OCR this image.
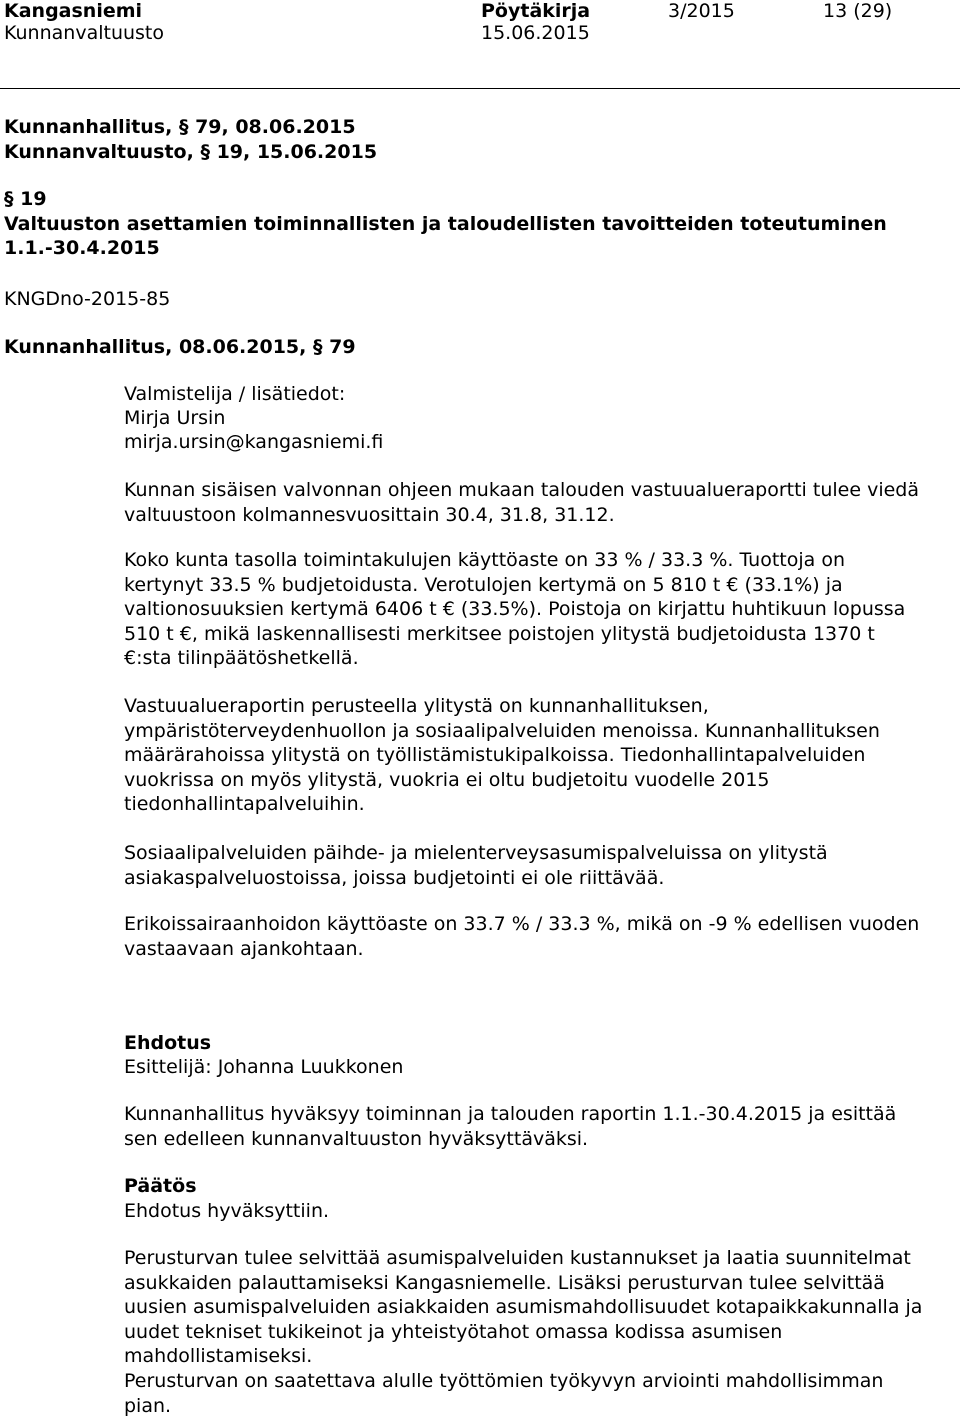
Kangasniemi	Pöytäkirja	3/2015	13 (29)
Kunnanvaltuusto	15.06.2015
Kunnanhallitus, § 79, 08.06.2015
Kunnanvaltuusto, § 19, 15.06.2015
§ 19
Valtuuston asettamien toiminnallisten ja taloudellisten tavoitteiden toteutuminen
1.1.-30.4.2015
KNGDno-2015-85
Kunnanhallitus, 08.06.2015, § 79
Valmistelija / lisätiedot:
Mirja Ursin
mirja.ursin@kangasniemi.fi

Kunnan sisäisen valvonnan ohjeen mukaan talouden vastuualueraportti tulee viedä valtuustoon kolmannesvuosittain 30.4, 31.8, 31.12.

Koko kunta tasolla toimintakulujen käyttöaste on 33 % / 33.3 %. Tuottoja on kertynyt 33.5 % budjetoidusta. Verotulojen kertymä on 5 810 t € (33.1%) ja valtionosuuksien kertymä 6406 t € (33.5%). Poistoja on kirjattu huhtikuun lopussa 510 t €, mikä laskennallisesti merkitsee poistojen ylitystä budjetoidusta 1370 t €:sta tilinpäätöshetkellä.

Vastuualueraportin perusteella ylitystä on kunnanhallituksen, ympäristöterveydenhuollon ja sosiaalipalveluiden menoissa. Kunnanhallituksen määrärahoissa ylitystä on työllistämistukipalkoissa. Tiedonhallintapalveluiden vuokrissa on myös ylitystä, vuokria ei oltu budjetoitu vuodelle 2015 tiedonhallintapalveluihin.

Sosiaalipalveluiden päihde- ja mielenterveysasumispalveluissa on ylitystä asiakaspalveluostoissa, joissa budjetointi ei ole riittävää.

Erikoissairaanhoidon käyttöaste on 33.7 % / 33.3 %, mikä on -9 % edellisen vuoden vastaavaan ajankohtaan.

Ehdotus
Esittelijä: Johanna Luukkonen

Kunnanhallitus hyväksyy toiminnan ja talouden raportin 1.1.-30.4.2015 ja esittää sen edelleen kunnanvaltuuston hyväksyttäväksi.

Päätös
Ehdotus hyväksyttiin.

Perusturvan tulee selvittää asumispalveluiden kustannukset ja laatia suunnitelmat asukkaiden palauttamiseksi Kangasniemelle. Lisäksi perusturvan tulee selvittää uusien asumispalveluiden asiakkaiden asumismahdollisuudet kotapaikkakunnalla ja uudet tekniset tukikeinot ja yhteistyötahot omassa kodissa asumisen mahdollistamiseksi.

Perusturvan on saatettava alulle työttömien työkyvyn arviointi mahdollisimman pian.
